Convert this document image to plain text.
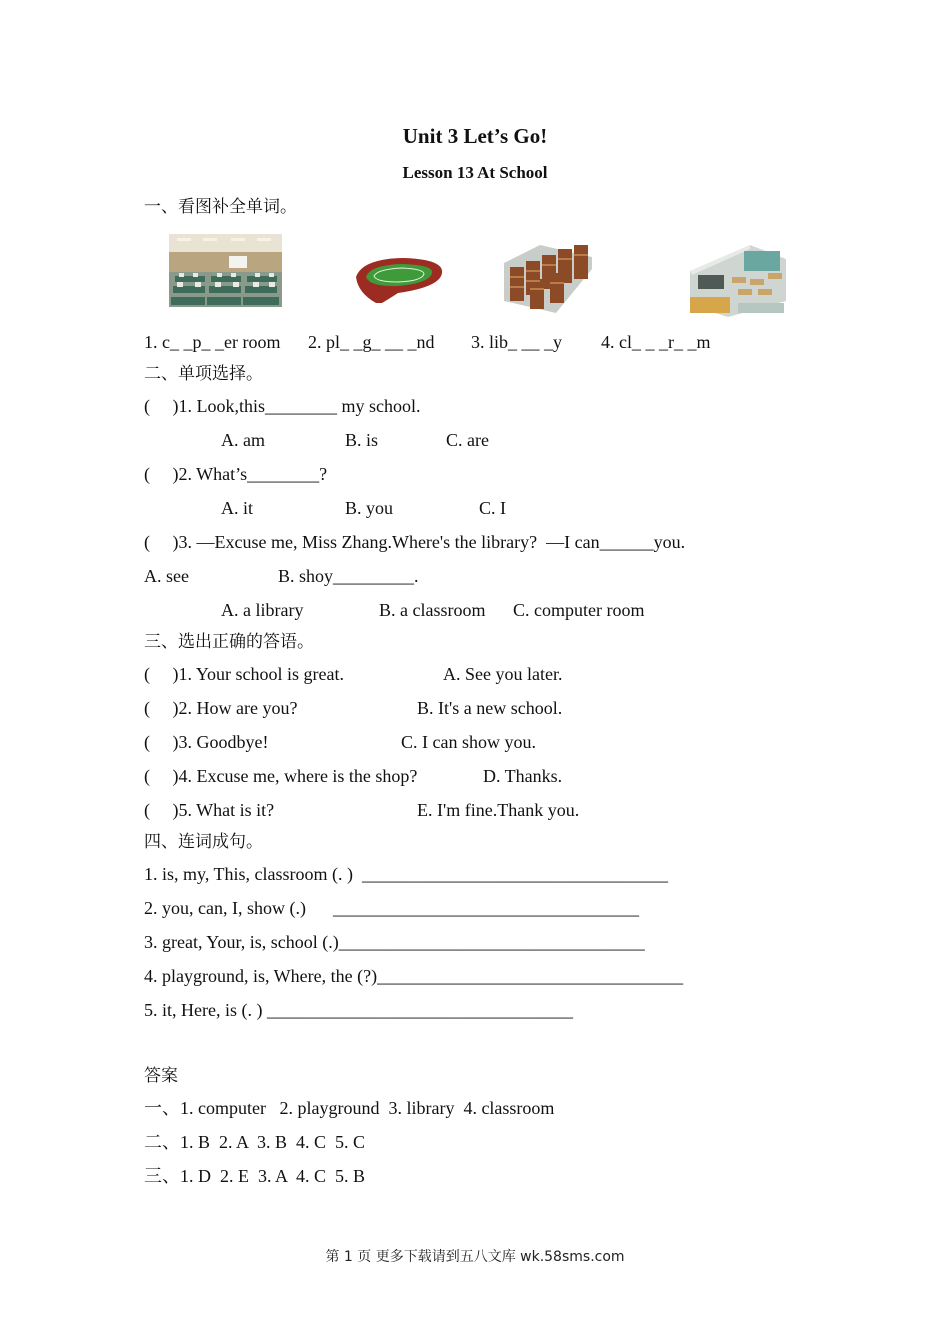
Unit 3 Let’s Go!
Lesson 13 At School
一、看图补全单词。
1. c_ _p_ _er room 2. pl_ _g_ __ _nd 3. lib_ __ _y 4. cl_ _ _r_ _m
二、单项选择。
(     )1. Look,this________ my school.
A. am	B. is	C. are
(     )2. What’s________?
A. it	B. you	C. I
(     )3. —Excuse me, Miss Zhang.Where's the library?  —I can______you.
A. see	B. shoy_________.
A. a library	B. a classroom C. computer room
三、选出正确的答语。
(     )1. Your school is great.	A. See you later.
(     )2. How are you?	B. It's a new school.
(     )3. Goodbye!	C. I can show you.
(     )4. Excuse me, where is the shop?	D. Thanks.
(     )5. What is it?	E. I'm fine.Thank you.
四、连词成句。
1. is, my, This, classroom (. )  __________________________________
2. you, can, I, show (.)      __________________________________
3. great, Your, is, school (.)__________________________________
4. playground, is, Where, the (?)__________________________________
5. it, Here, is (. ) __________________________________
答案
一、1. computer   2. playground  3. library  4. classroom
二、1. B  2. A  3. B  4. C  5. C
三、1. D  2. E  3. A  4. C  5. B
第 1 页 更多下载请到五八文库 wk.58sms.com
